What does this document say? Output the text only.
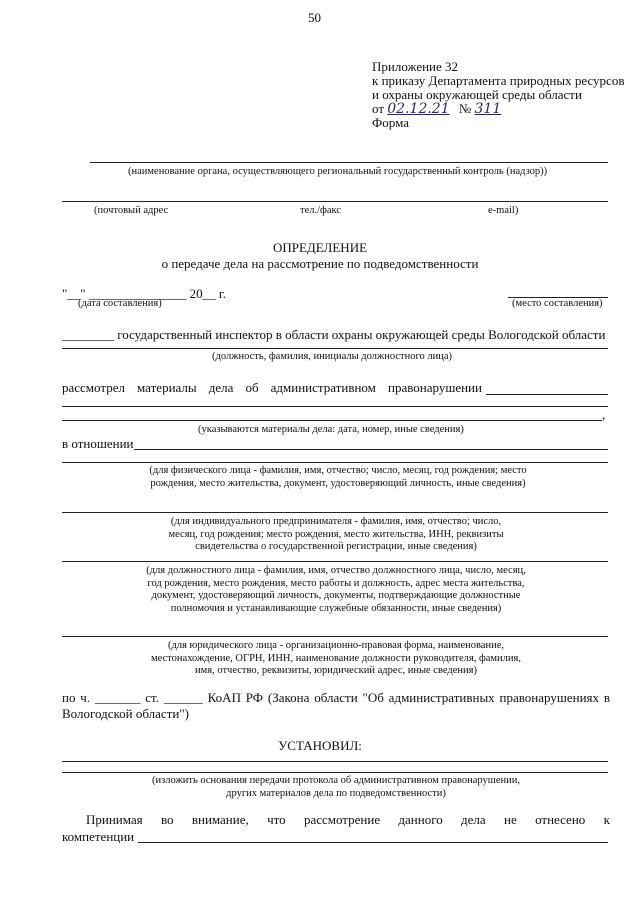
50
Приложение 32
к приказу Департамента природных ресурсов
и охраны окружающей среды области
от 02.12.21 № 311
Форма
(наименование органа, осуществляющего региональный государственный контроль (надзор))
(почтовый адрес	тел./факс	e-mail)
ОПРЕДЕЛЕНИЕ
о передаче дела на рассмотрение по подведомственности
"__" _______________ 20__ г.
(дата составления)	(место составления)
________ государственный инспектор в области охраны окружающей среды Вологодской области
(должность, фамилия, инициалы должностного лица)
рассмотрел материалы дела об административном правонарушении
,
(указываются материалы дела: дата, номер, иные сведения)
в отношении
(для физического лица - фамилия, имя, отчество; число, месяц, год рождения; место рождения, место жительства, документ, удостоверяющий личность, иные сведения)
(для индивидуального предпринимателя - фамилия, имя, отчество; число, месяц, год рождения; место рождения, место жительства, ИНН, реквизиты свидетельства о государственной регистрации, иные сведения)
(для должностного лица - фамилия, имя, отчество должностного лица, число, месяц, год рождения, место рождения, место работы и должность, адрес места жительства, документ, удостоверяющий личность, документы, подтверждающие должностные полномочия и устанавливающие служебные обязанности, иные сведения)
(для юридического лица - организационно-правовая форма, наименование, местонахождение, ОГРН, ИНН, наименование должности руководителя, фамилия, имя, отчество, реквизиты, юридический адрес, иные сведения)
по ч. _______ ст. ______ КоАП РФ (Закона области "Об административных правонарушениях в Вологодской области")
УСТАНОВИЛ:
(изложить основания передачи протокола об административном правонарушении, других материалов дела по подведомственности)
Принимая во внимание, что рассмотрение данного дела не отнесено к
компетенции
